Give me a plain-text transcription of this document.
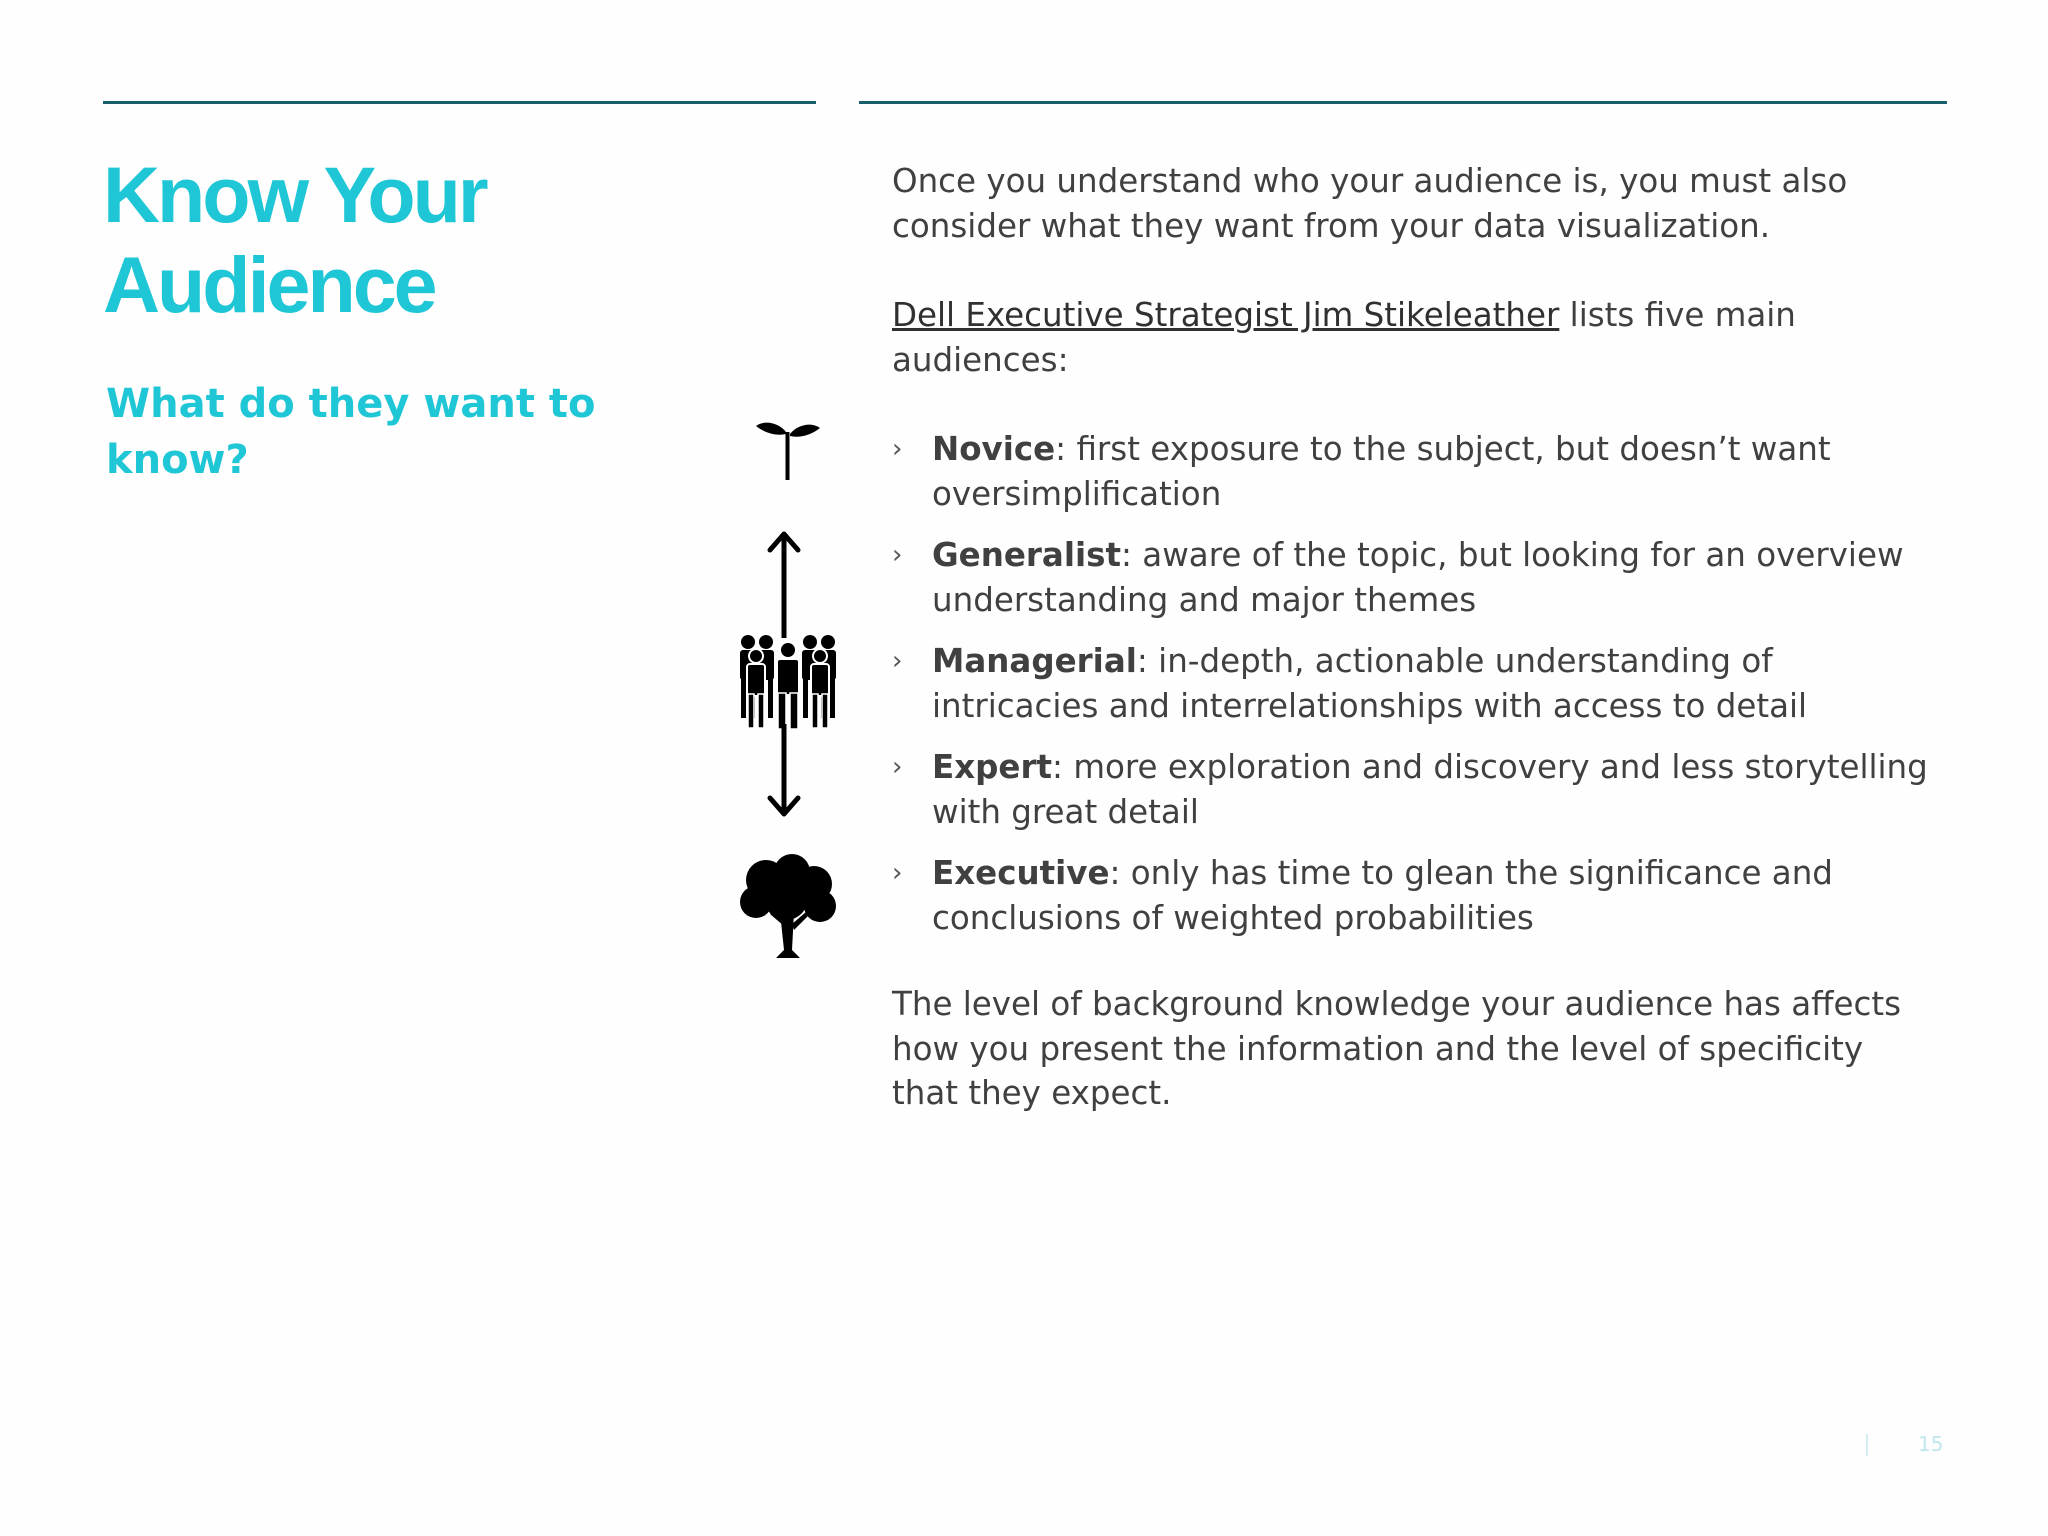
Know Your
Audience
What do they want to
know?

Once you understand who your audience is, you must also consider what they want from your data visualization.

Dell Executive Strategist Jim Stikeleather lists five main audiences:

› Novice: first exposure to the subject, but doesn’t want oversimplification
› Generalist: aware of the topic, but looking for an overview understanding and major themes
› Managerial: in-depth, actionable understanding of intricacies and interrelationships with access to detail
› Expert: more exploration and discovery and less storytelling with great detail
› Executive: only has time to glean the significance and conclusions of weighted probabilities

The level of background knowledge your audience has affects how you present the information and the level of specificity that they expect.

15
